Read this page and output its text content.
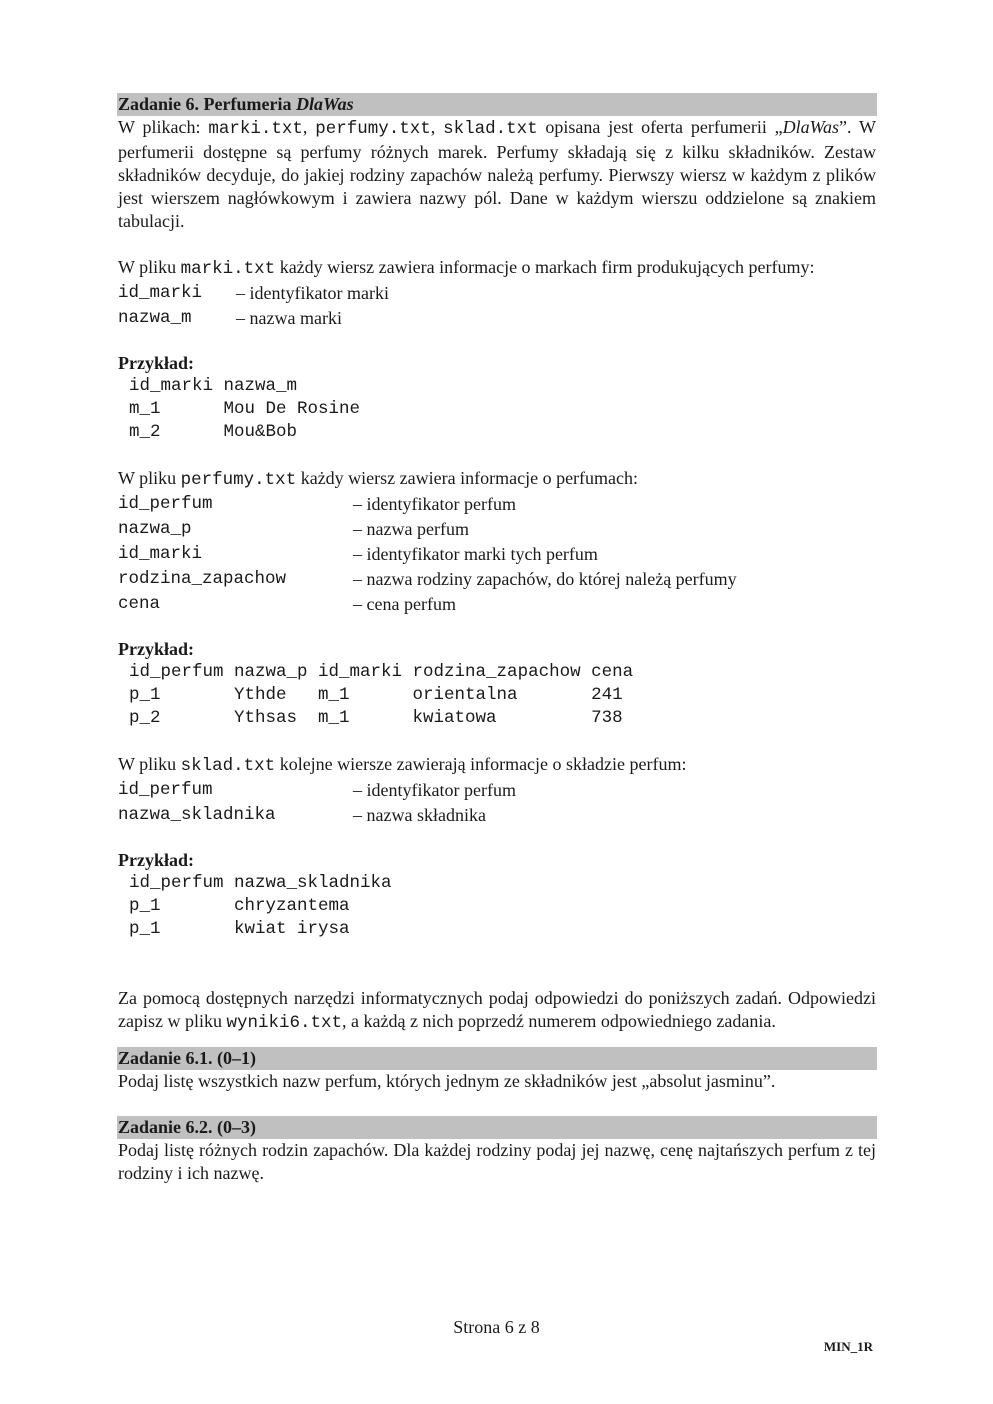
Zadanie 6. Perfumeria DlaWas

W plikach: marki.txt, perfumy.txt, sklad.txt opisana jest oferta perfumerii „DlaWas”. W perfumerii dostępne są perfumy różnych marek. Perfumy składają się z kilku składników. Zestaw składników decyduje, do jakiej rodziny zapachów należą perfumy. Pierwszy wiersz w każdym z plików jest wierszem nagłówkowym i zawiera nazwy pól. Dane w każdym wierszu oddzielone są znakiem tabulacji.

W pliku marki.txt każdy wiersz zawiera informacje o markach firm produkujących perfumy:

id_marki	– identyfikator marki
nazwa_m	– nazwa marki
Przykład:
id_marki nazwa_m
m_1      Mou De Rosine
m_2      Mou&Bob

W pliku perfumy.txt każdy wiersz zawiera informacje o perfumach:

id_perfum	– identyfikator perfum
nazwa_p	– nazwa perfum
id_marki	– identyfikator marki tych perfum
rodzina_zapachow	– nazwa rodziny zapachów, do której należą perfumy
cena	– cena perfum
Przykład:
id_perfum nazwa_p id_marki rodzina_zapachow cena
p_1       Ythde   m_1      orientalna       241
p_2       Ythsas  m_1      kwiatowa         738

W pliku sklad.txt kolejne wiersze zawierają informacje o składzie perfum:

id_perfum	– identyfikator perfum
nazwa_skladnika	– nazwa składnika
Przykład:
id_perfum nazwa_skladnika
p_1       chryzantema
p_1       kwiat irysa

Za pomocą dostępnych narzędzi informatycznych podaj odpowiedzi do poniższych zadań. Odpowiedzi zapisz w pliku wyniki6.txt, a każdą z nich poprzedź numerem odpowiedniego zadania.

Zadanie 6.1. (0–1)

Podaj listę wszystkich nazw perfum, których jednym ze składników jest „absolut jasminu”.

Zadanie 6.2. (0–3)

Podaj listę różnych rodzin zapachów. Dla każdej rodziny podaj jej nazwę, cenę najtańszych perfum z tej rodziny i ich nazwę.

Strona 6 z 8
MIN_1R
